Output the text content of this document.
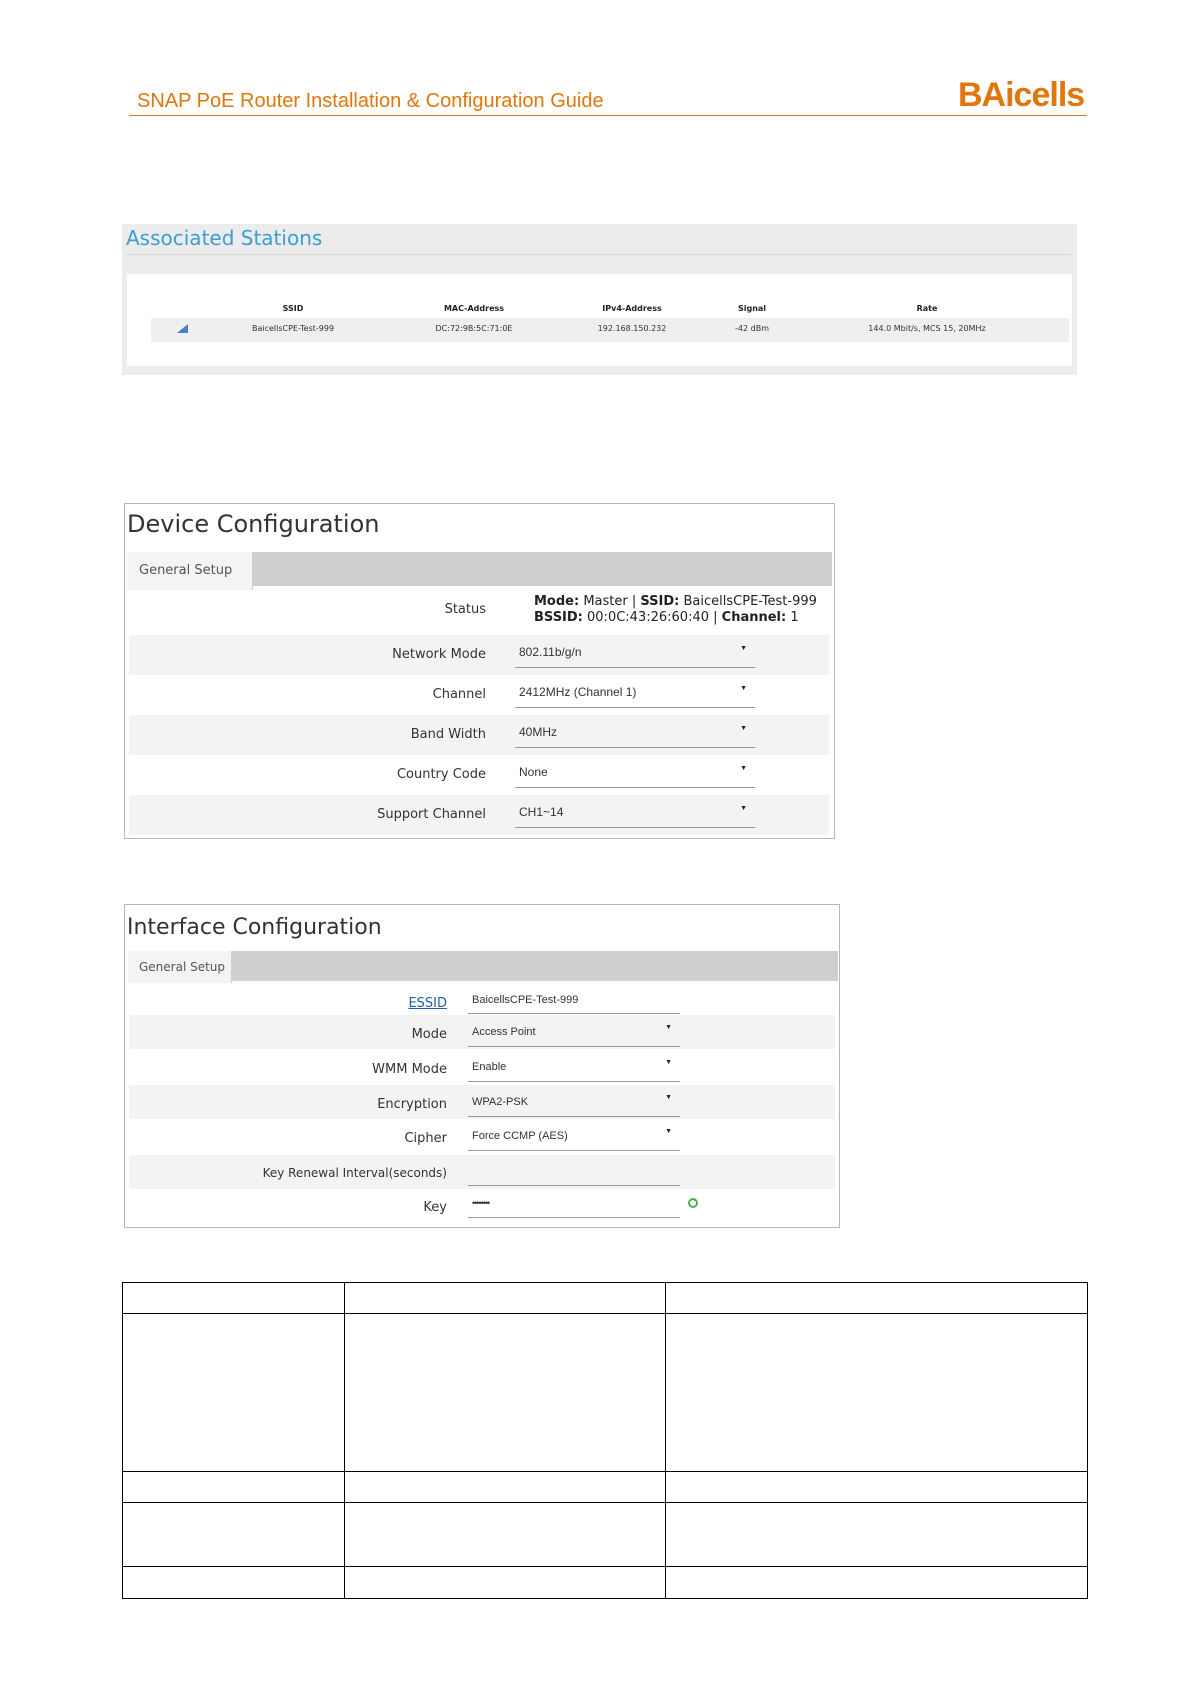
SNAP PoE Router Installation & Configuration Guide	BAicells
Associated Stations
SSID	MAC-Address	IPv4-Address	Signal	Rate
BaicellsCPE-Test-999	DC:72:9B:5C:71:0E	192.168.150.232	-42 dBm	144.0 Mbit/s, MCS 15, 20MHz
Device Configuration
General Setup
Status
Mode: Master | SSID: BaicellsCPE-Test-999
BSSID: 00:0C:43:26:60:40 | Channel: 1
Network Mode	802.11b/g/n	▼
Channel	2412MHz (Channel 1)	▼
Band Width	40MHz	▼
Country Code	None	▼
Support Channel	CH1~14	▼
Interface Configuration
General Setup
ESSID	BaicellsCPE-Test-999
Mode	Access Point	▼
WMM Mode	Enable	▼
Encryption	WPA2-PSK	▼
Cipher	Force CCMP (AES)	▼
Key Renewal Interval(seconds)
Key	••••••••
